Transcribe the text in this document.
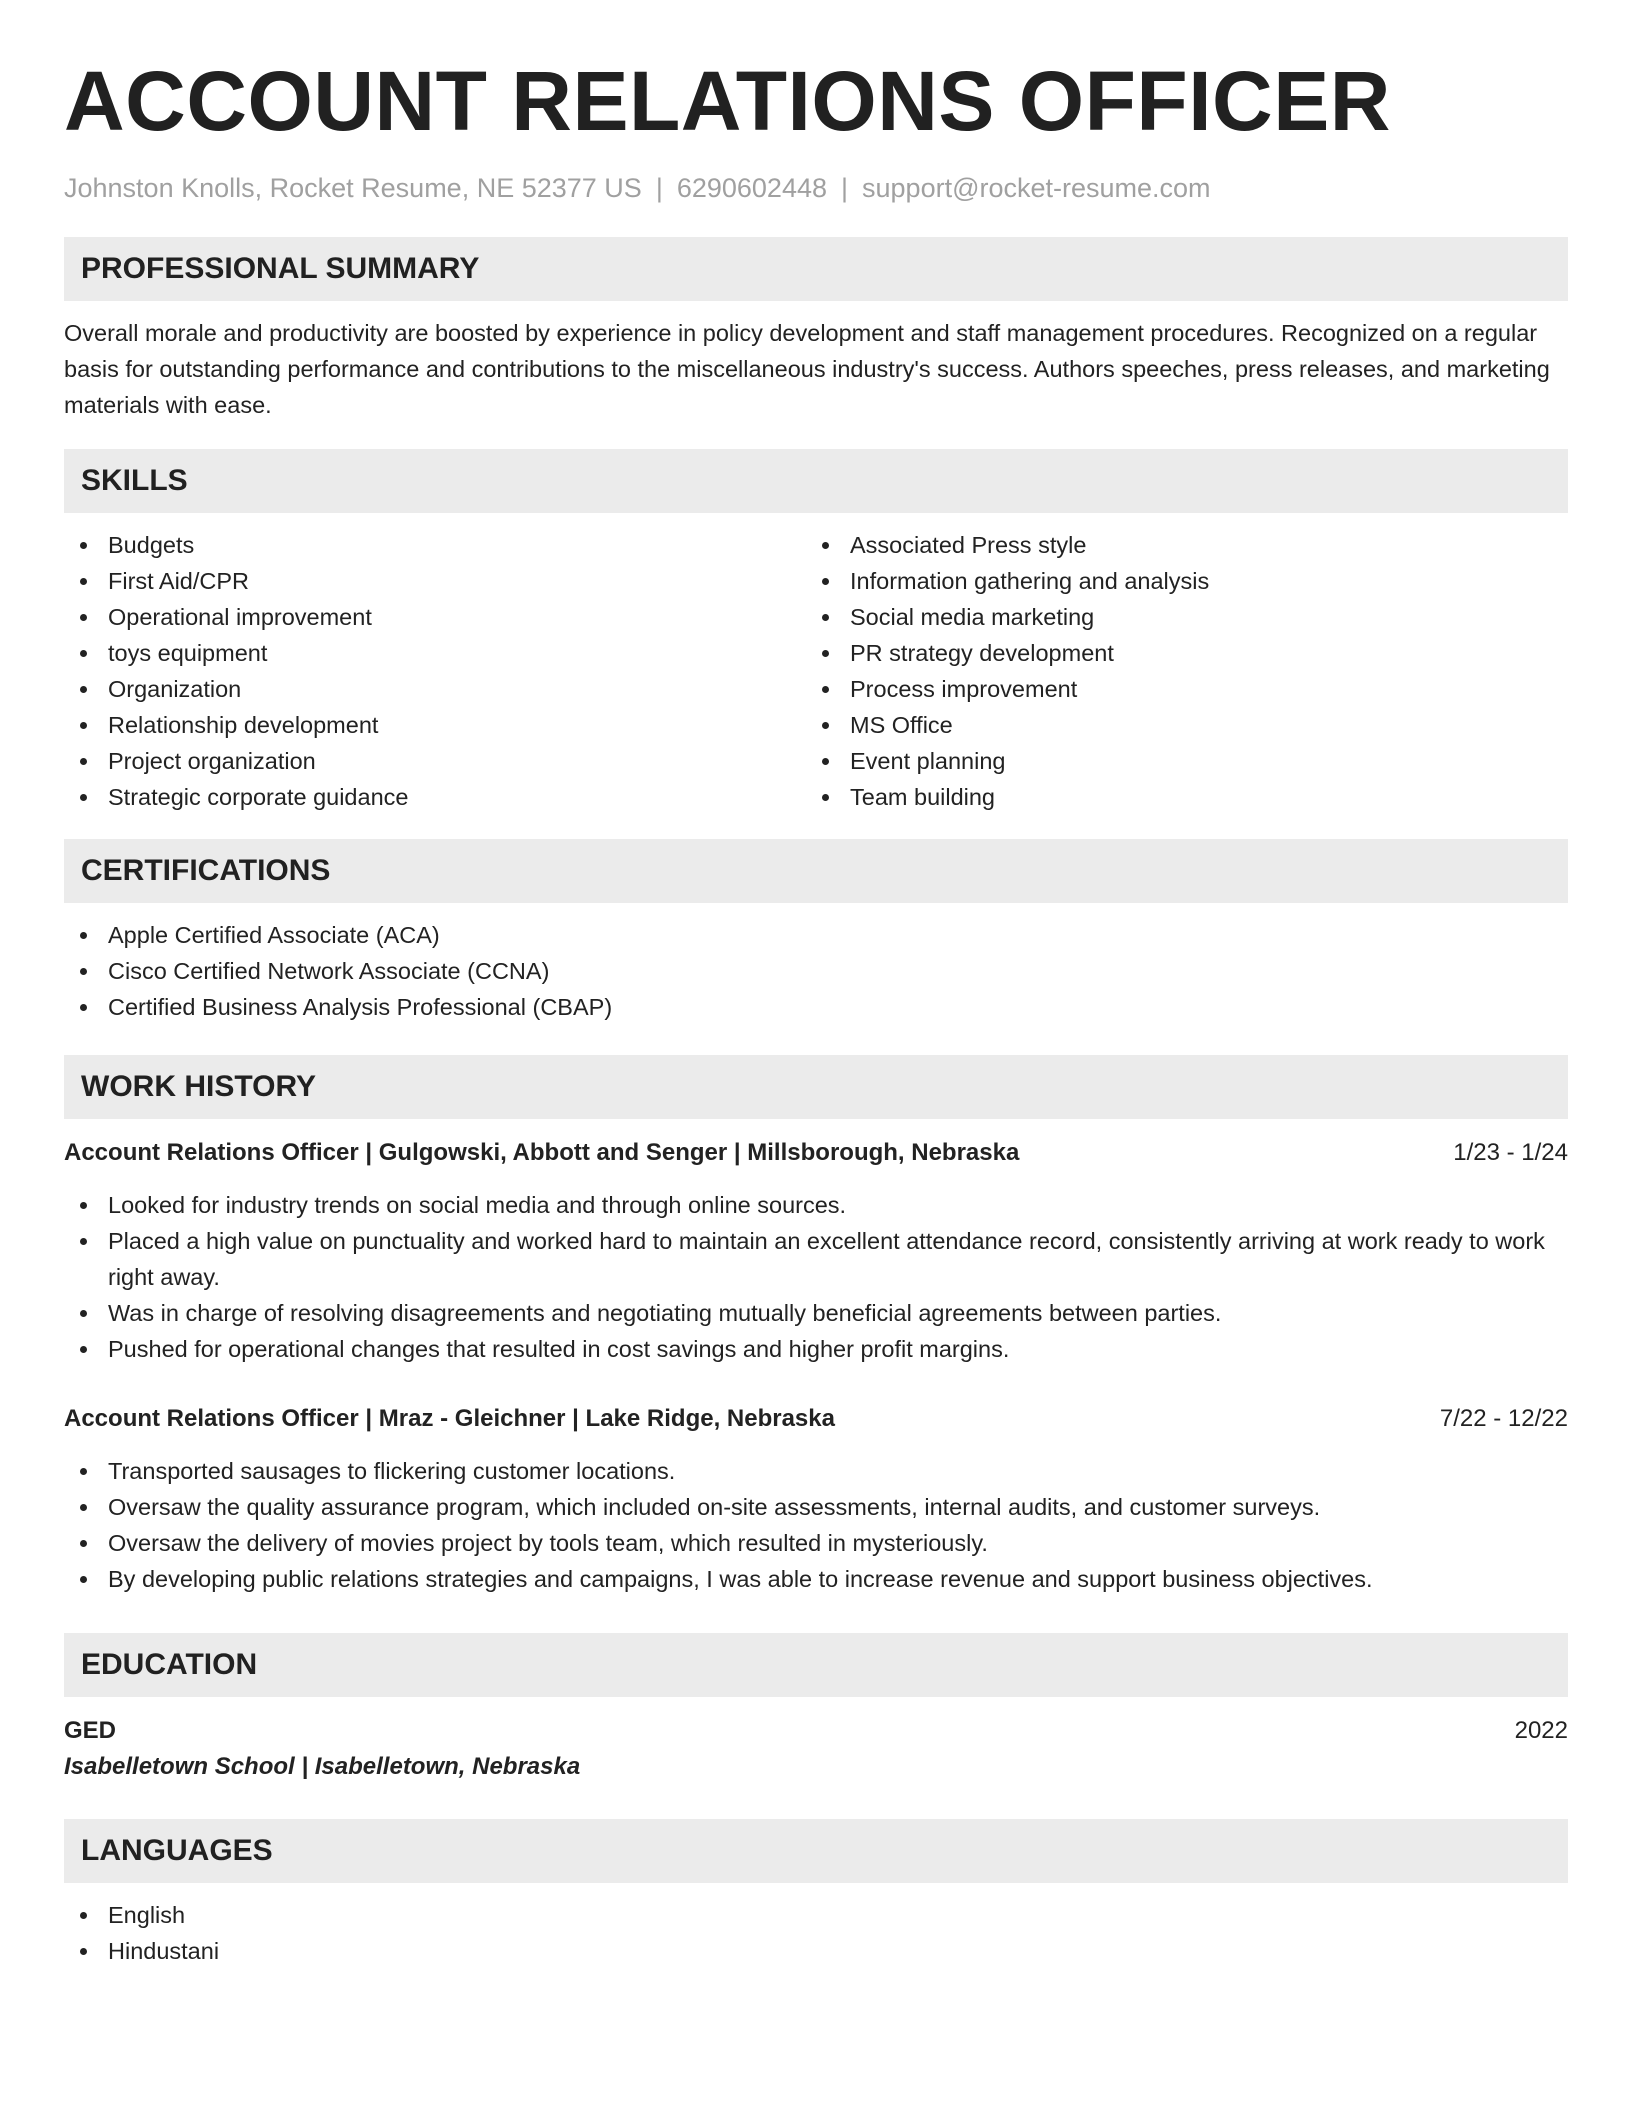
ACCOUNT RELATIONS OFFICER
Johnston Knolls, Rocket Resume, NE 52377 US | 6290602448 | support@rocket-resume.com
PROFESSIONAL SUMMARY

Overall morale and productivity are boosted by experience in policy development and staff management procedures. Recognized on a regular basis for outstanding performance and contributions to the miscellaneous industry's success. Authors speeches, press releases, and marketing materials with ease.

SKILLS
Budgets
First Aid/CPR
Operational improvement
toys equipment
Organization
Relationship development
Project organization
Strategic corporate guidance
Associated Press style
Information gathering and analysis
Social media marketing
PR strategy development
Process improvement
MS Office
Event planning
Team building
CERTIFICATIONS
Apple Certified Associate (ACA)
Cisco Certified Network Associate (CCNA)
Certified Business Analysis Professional (CBAP)
WORK HISTORY
Account Relations Officer | Gulgowski, Abbott and Senger | Millsborough, Nebraska	1/23 - 1/24
Looked for industry trends on social media and through online sources.
Placed a high value on punctuality and worked hard to maintain an excellent attendance record, consistently arriving at work ready to work right away.
Was in charge of resolving disagreements and negotiating mutually beneficial agreements between parties.
Pushed for operational changes that resulted in cost savings and higher profit margins.
Account Relations Officer | Mraz - Gleichner | Lake Ridge, Nebraska	7/22 - 12/22
Transported sausages to flickering customer locations.
Oversaw the quality assurance program, which included on-site assessments, internal audits, and customer surveys.
Oversaw the delivery of movies project by tools team, which resulted in mysteriously.
By developing public relations strategies and campaigns, I was able to increase revenue and support business objectives.
EDUCATION
GED	2022
Isabelletown School | Isabelletown, Nebraska
LANGUAGES
English
Hindustani
